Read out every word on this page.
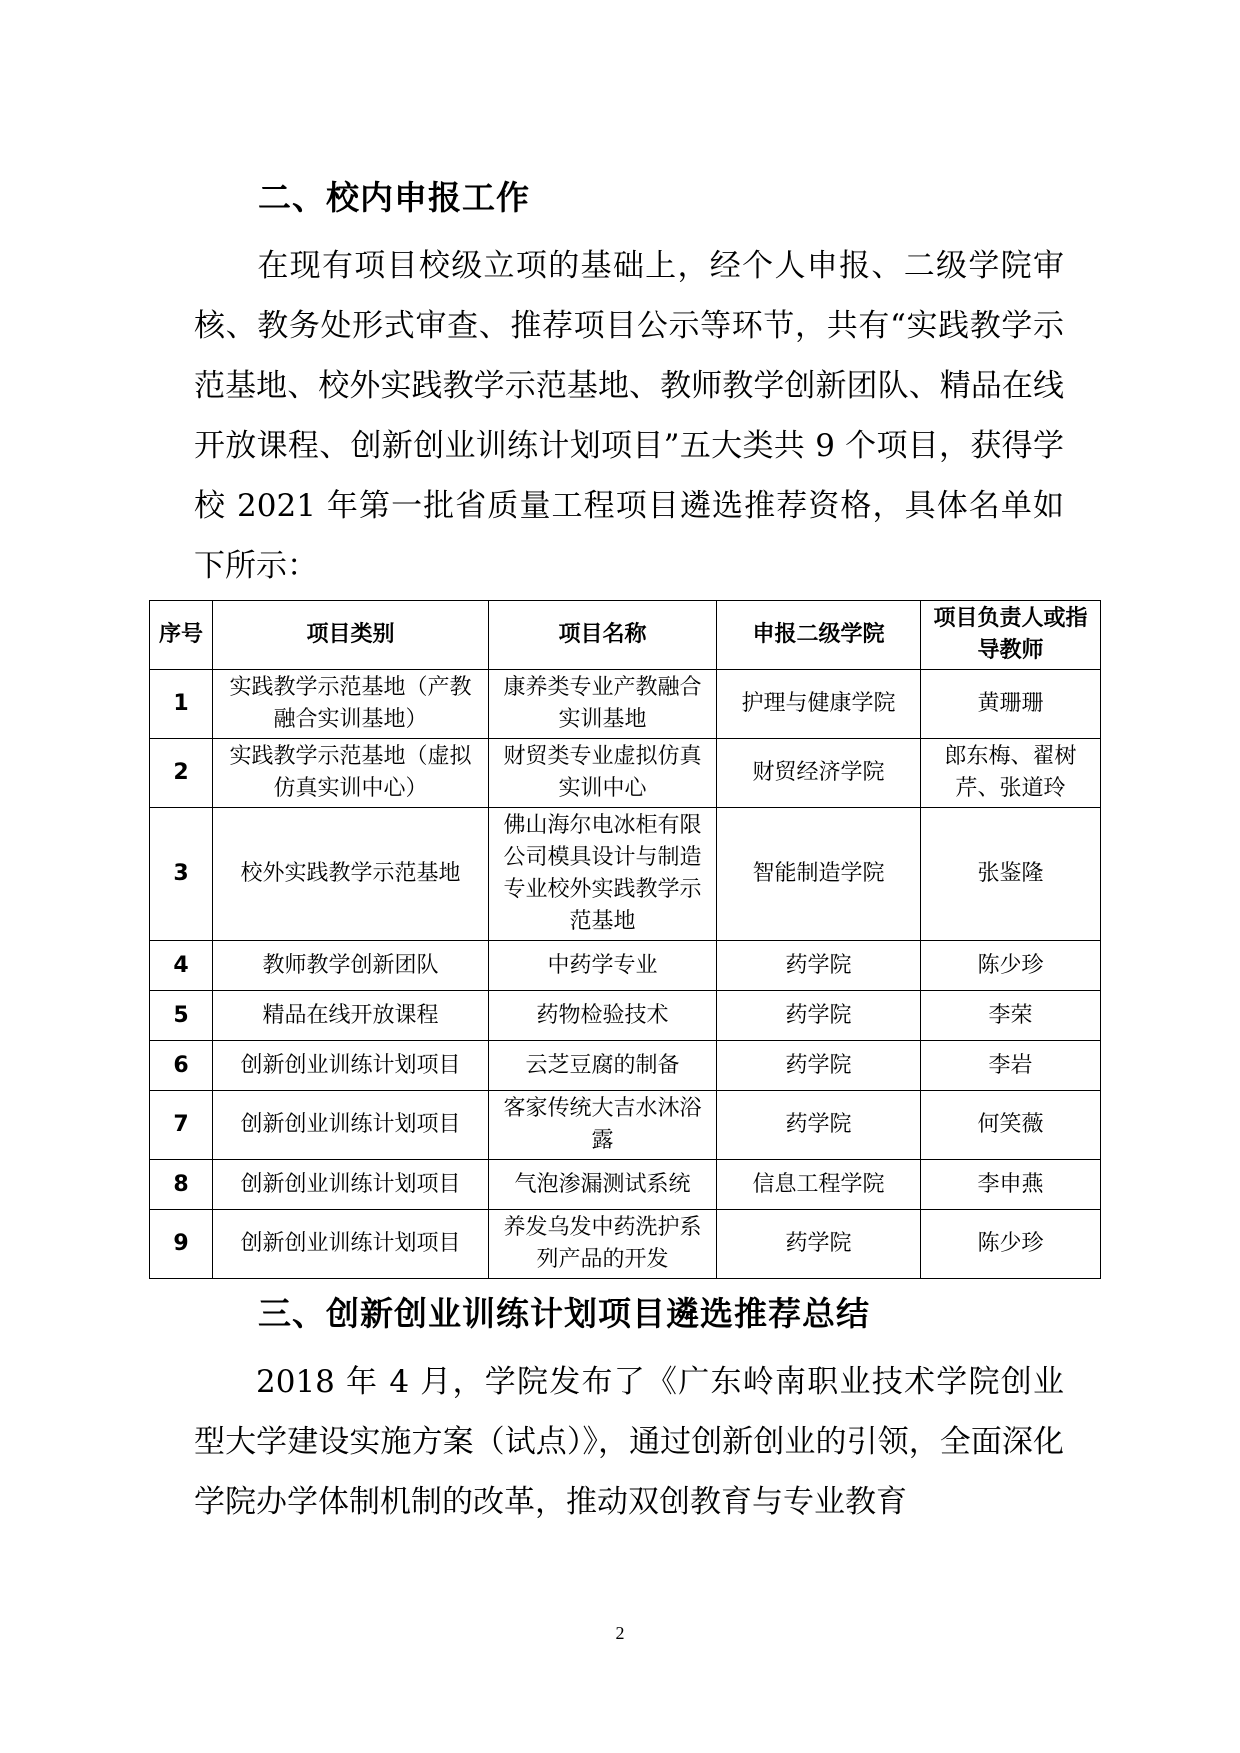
二、校内申报工作

在现有项目校级立项的基础上，经个人申报、二级学院审核、教务处形式审查、推荐项目公示等环节，共有“实践教学示范基地、校外实践教学示范基地、教师教学创新团队、精品在线开放课程、创新创业训练计划项目”五大类共 9 个项目，获得学校 2021 年第一批省质量工程项目遴选推荐资格，具体名单如下所示：

序号	项目类别	项目名称	申报二级学院	项目负责人或指导教师
1	实践教学示范基地（产教融合实训基地）	康养类专业产教融合实训基地	护理与健康学院	黄珊珊
2	实践教学示范基地（虚拟仿真实训中心）	财贸类专业虚拟仿真实训中心	财贸经济学院	郎东梅、翟树芹、张道玲
3	校外实践教学示范基地	佛山海尔电冰柜有限公司模具设计与制造专业校外实践教学示范基地	智能制造学院	张鉴隆
4	教师教学创新团队	中药学专业	药学院	陈少珍
5	精品在线开放课程	药物检验技术	药学院	李荣
6	创新创业训练计划项目	云芝豆腐的制备	药学院	李岩
7	创新创业训练计划项目	客家传统大吉水沐浴露	药学院	何笑薇
8	创新创业训练计划项目	气泡渗漏测试系统	信息工程学院	李申燕
9	创新创业训练计划项目	养发乌发中药洗护系列产品的开发	药学院	陈少珍
三、创新创业训练计划项目遴选推荐总结

2018 年 4 月，学院发布了《广东岭南职业技术学院创业型大学建设实施方案（试点）》，通过创新创业的引领，全面深化学院办学体制机制的改革，推动双创教育与专业教育

2
